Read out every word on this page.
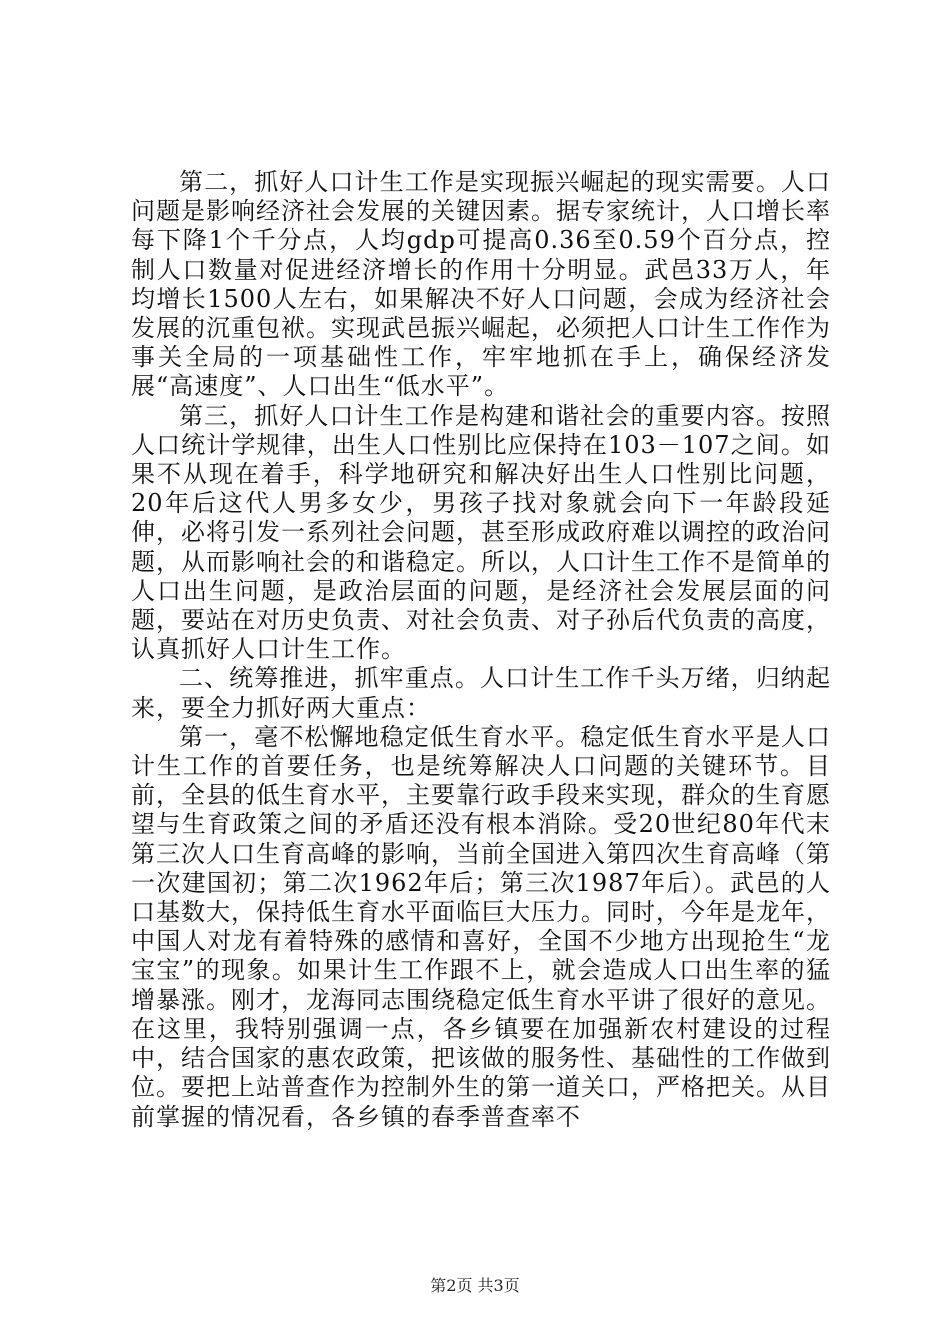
第二，抓好人口计生工作是实现振兴崛起的现实需要。人口问题是影响经济社会发展的关键因素。据专家统计，人口增长率每下降1个千分点，人均gdp可提高0.36至0.59个百分点，控制人口数量对促进经济增长的作用十分明显。武邑33万人，年均增长1500人左右，如果解决不好人口问题，会成为经济社会发展的沉重包袱。实现武邑振兴崛起，必须把人口计生工作作为事关全局的一项基础性工作，牢牢地抓在手上，确保经济发展“高速度”、人口出生“低水平”。

第三，抓好人口计生工作是构建和谐社会的重要内容。按照人口统计学规律，出生人口性别比应保持在103－107之间。如果不从现在着手，科学地研究和解决好出生人口性别比问题，20年后这代人男多女少，男孩子找对象就会向下一年龄段延伸，必将引发一系列社会问题，甚至形成政府难以调控的政治问题，从而影响社会的和谐稳定。所以，人口计生工作不是简单的人口出生问题，是政治层面的问题，是经济社会发展层面的问题，要站在对历史负责、对社会负责、对子孙后代负责的高度，认真抓好人口计生工作。

二、统筹推进，抓牢重点。人口计生工作千头万绪，归纳起来，要全力抓好两大重点：

第一，毫不松懈地稳定低生育水平。稳定低生育水平是人口计生工作的首要任务，也是统筹解决人口问题的关键环节。目前，全县的低生育水平，主要靠行政手段来实现，群众的生育愿望与生育政策之间的矛盾还没有根本消除。受20世纪80年代末第三次人口生育高峰的影响，当前全国进入第四次生育高峰（第一次建国初；第二次1962年后；第三次1987年后）。武邑的人口基数大，保持低生育水平面临巨大压力。同时，今年是龙年，中国人对龙有着特殊的感情和喜好，全国不少地方出现抢生“龙宝宝”的现象。如果计生工作跟不上，就会造成人口出生率的猛增暴涨。刚才，龙海同志围绕稳定低生育水平讲了很好的意见。在这里，我特别强调一点，各乡镇要在加强新农村建设的过程中，结合国家的惠农政策，把该做的服务性、基础性的工作做到位。要把上站普查作为控制外生的第一道关口，严格把关。从目前掌握的情况看，各乡镇的春季普查率不

第2页 共3页
